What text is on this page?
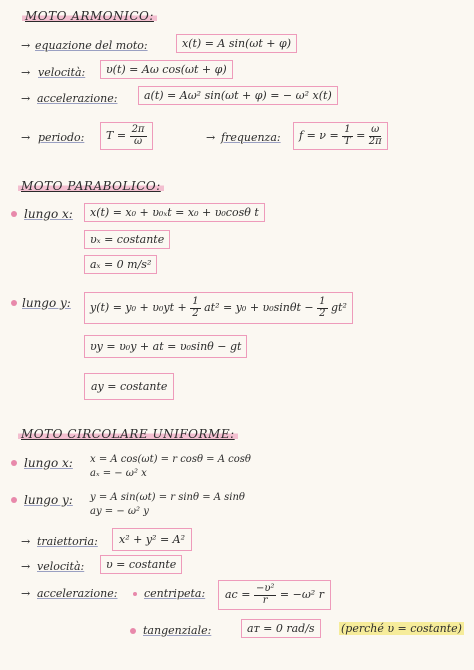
MOTO ARMONICO:
→ equazione del moto:	x(t) = A sin(ωt + φ)
→ velocità:	υ(t) = Aω cos(ωt + φ)
→ accelerazione:	a(t) = Aω² sin(ωt + φ) = − ω² x(t)
→ periodo:	$T = \frac{2\pi}{\omega}$	→ frequenza:	$f = \nu = \frac{1}{T} = \frac{\omega}{2\pi}$
MOTO PARABOLICO:
lungo x:	x(t) = x₀ + υ₀ₓt = x₀ + υ₀cosθ t
υₓ = costante
aₓ = 0 m/s²
lungo y:	$y(t) = y_0 + \upsilon_0yt + \frac{1}{2} at^2 = y_0 + \upsilon_0\sin\theta t - \frac{1}{2} gt^2$
υy = υ₀y + at = υ₀sinθ − gt
ay = costante
MOTO CIRCOLARE UNIFORME:
lungo x: x = A cos(ωt) = r cosθ = A cosθ
aₓ = − ω² x
lungo y: y = A sin(ωt) = r sinθ = A sinθ
ay = − ω² y
→ traiettoria:	x² + y² = A²
→ velocità:	υ = costante
→ accelerazione: centripeta:	ac = $\frac{\text{−υ²}}{r} = -\omega^2$ r
tangenziale:	aᴛ = 0 rad/s	(perché υ = costante)
